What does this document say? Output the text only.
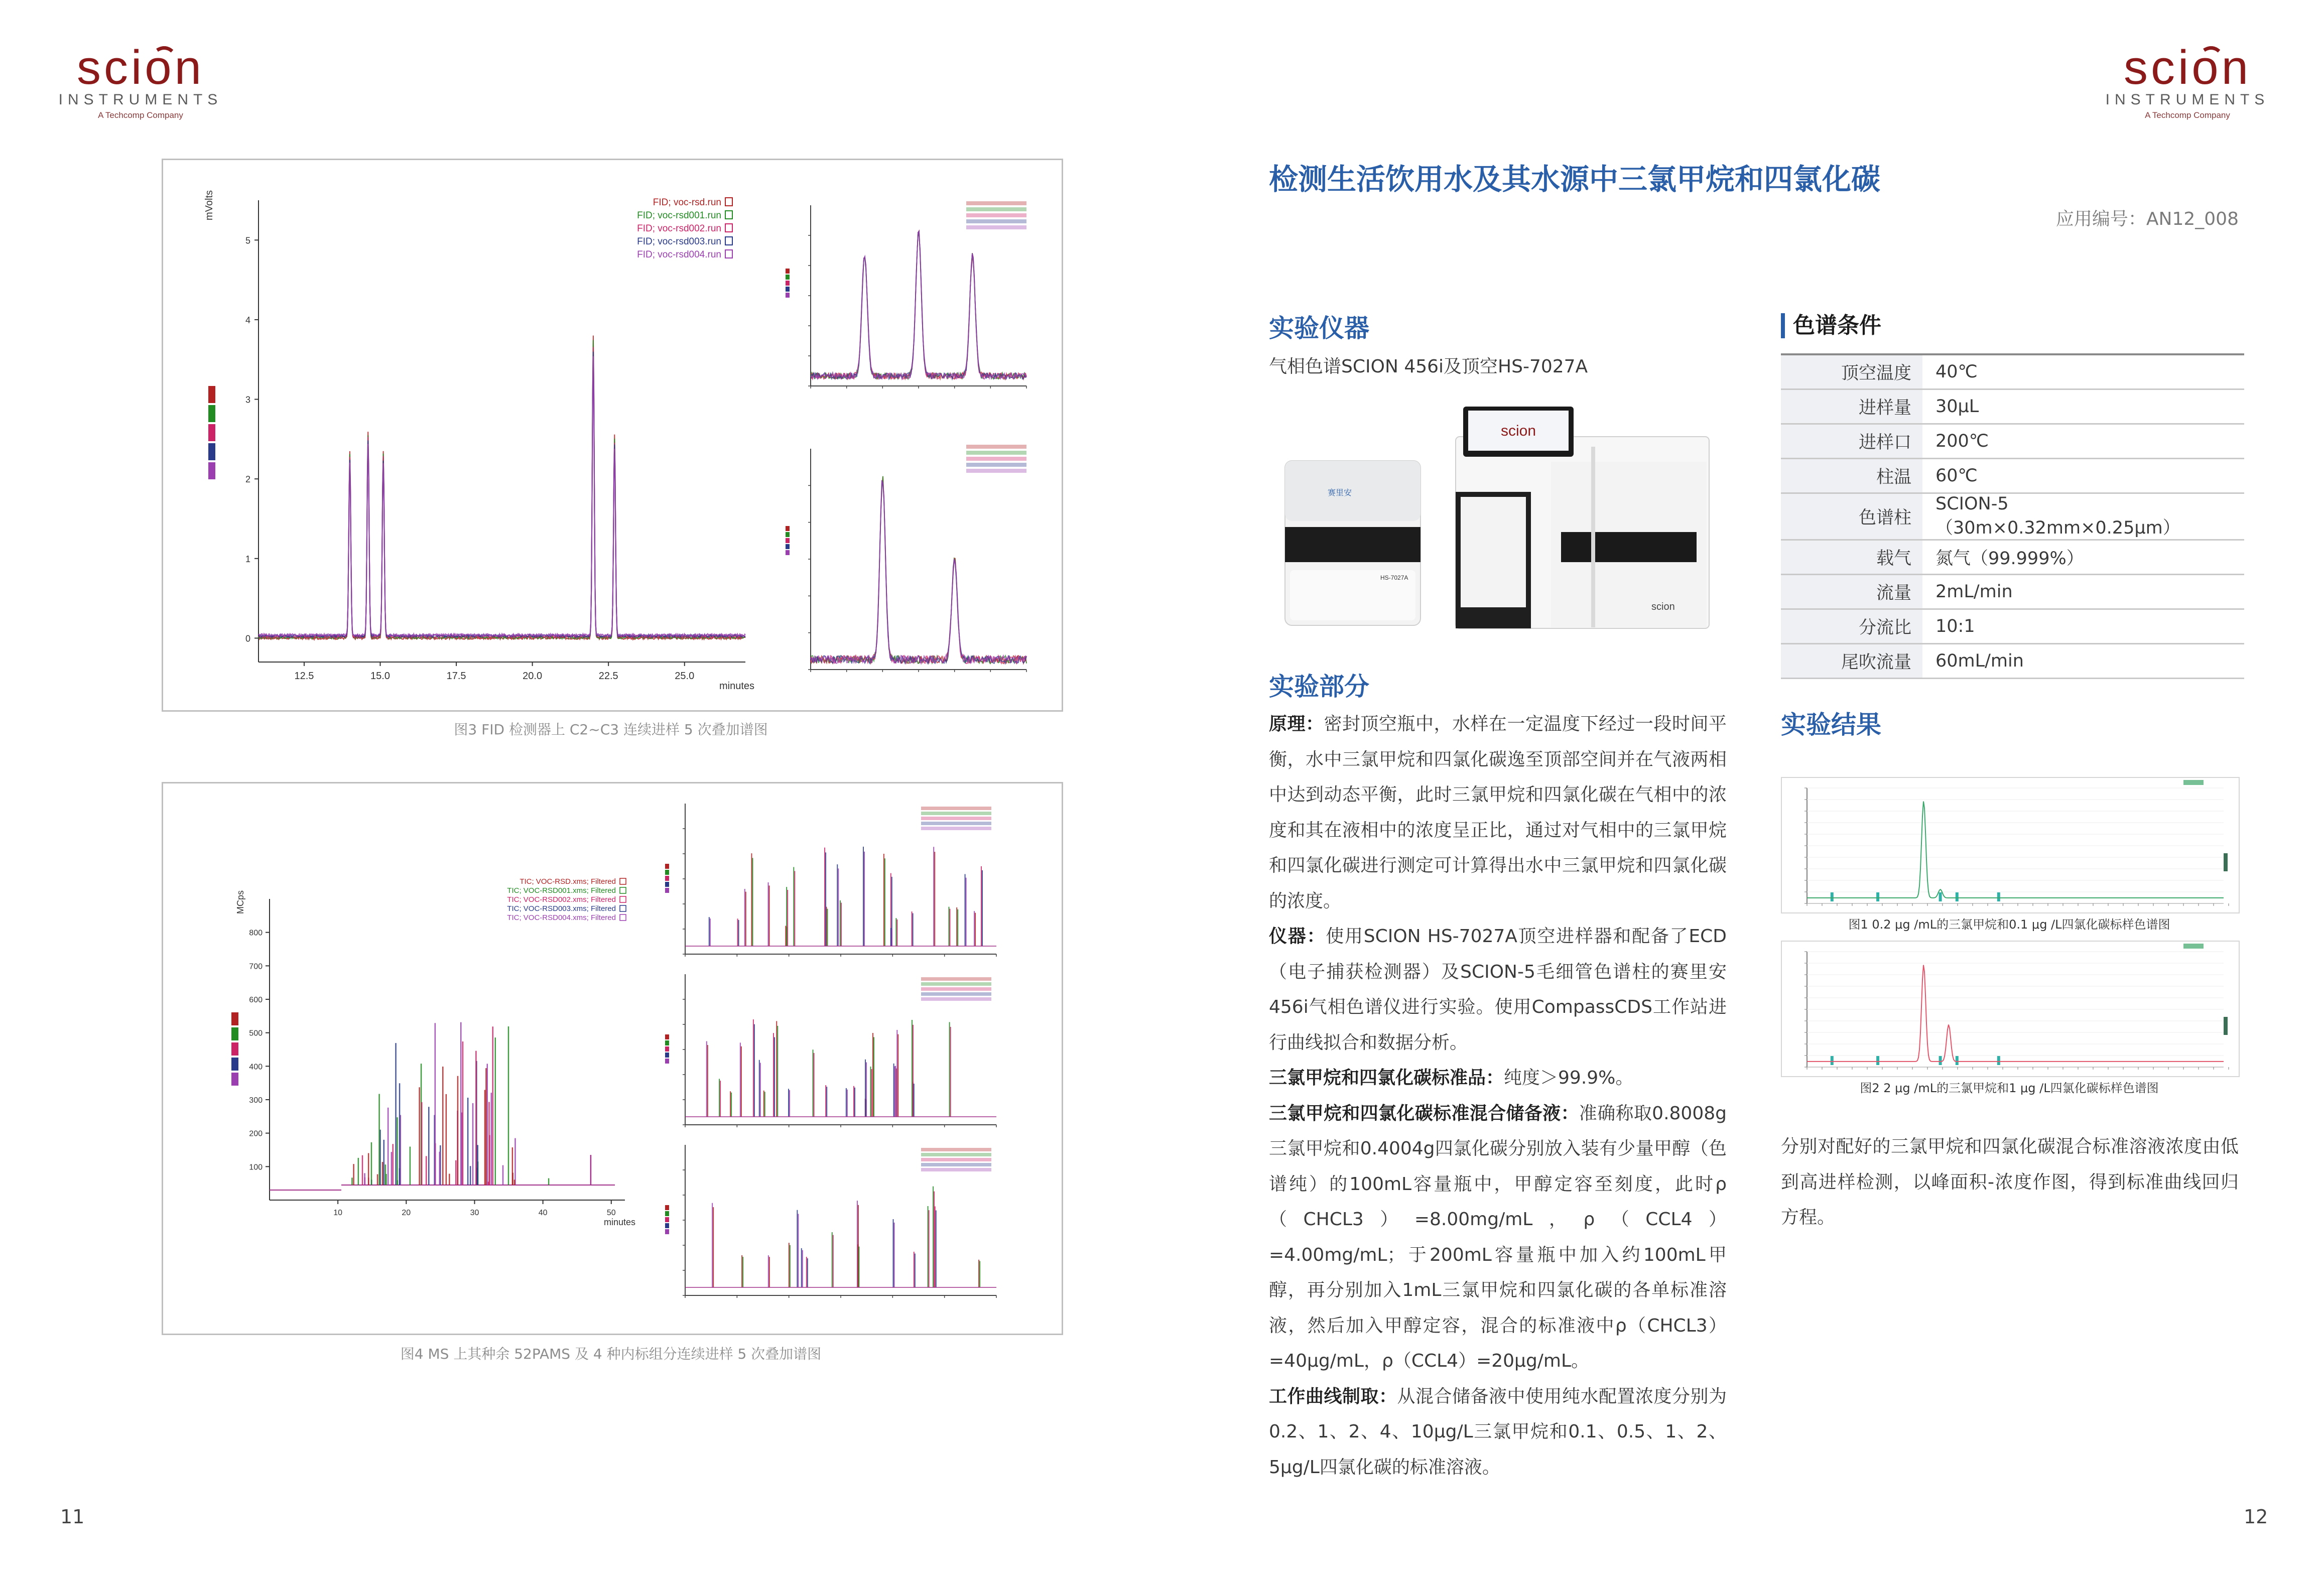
scion
INSTRUMENTS
A Techcomp Company
mVolts
minutes
0
1
2
3
4
5
12.5	15.0	17.5	20.0	22.5	25.0
FID; voc-rsd.run
FID; voc-rsd001.run
FID; voc-rsd002.run
FID; voc-rsd003.run
FID; voc-rsd004.run
图3 FID 检测器上 C2~C3 连续进样 5 次叠加谱图
MCps
minutes
100
200
300
400
500
600
700
800
10	20	30	40	50
TIC; VOC-RSD.xms; Filtered
TIC; VOC-RSD001.xms; Filtered
TIC; VOC-RSD002.xms; Filtered
TIC; VOC-RSD003.xms; Filtered
TIC; VOC-RSD004.xms; Filtered
图4 MS 上其种余 52PAMS 及 4 种内标组分连续进样 5 次叠加谱图
11
scion
INSTRUMENTS
A Techcomp Company
检测生活饮用水及其水源中三氯甲烷和四氯化碳
应用编号：AN12_008
实验仪器
气相色谱SCION 456i及顶空HS-7027A
赛里安
HS-7027A
scion
scion
实验部分
原理：密封顶空瓶中，水样在一定温度下经过一段时间平衡，水中三氯甲烷和四氯化碳逸至顶部空间并在气液两相中达到动态平衡，此时三氯甲烷和四氯化碳在气相中的浓度和其在液相中的浓度呈正比，通过对气相中的三氯甲烷和四氯化碳进行测定可计算得出水中三氯甲烷和四氯化碳的浓度。
仪器：使用SCION HS-7027A顶空进样器和配备了ECD（电子捕获检测器）及SCION-5毛细管色谱柱的赛里安456i气相色谱仪进行实验。使用CompassCDS工作站进行曲线拟合和数据分析。
三氯甲烷和四氯化碳标准品：纯度＞99.9%。
三氯甲烷和四氯化碳标准混合储备液：准确称取0.8008g三氯甲烷和0.4004g四氯化碳分别放入装有少量甲醇（色谱纯）的100mL容量瓶中，甲醇定容至刻度，此时ρ（CHCL3）=8.00mg/mL，ρ（CCL4）=4.00mg/mL；于200mL容量瓶中加入约100mL甲醇，再分别加入1mL三氯甲烷和四氯化碳的各单标准溶液，然后加入甲醇定容，混合的标准液中ρ（CHCL3）=40μg/mL，ρ（CCL4）=20μg/mL。
工作曲线制取：从混合储备液中使用纯水配置浓度分别为0.2、1、2、4、10μg/L三氯甲烷和0.1、0.5、1、2、5μg/L四氯化碳的标准溶液。
色谱条件
顶空温度	40℃
进样量	30μL
进样口	200℃
柱温	60℃
色谱柱	SCION-5（30m×0.32mm×0.25μm）
载气	氮气（99.999%）
流量	2mL/min
分流比	10:1
尾吹流量	60mL/min
实验结果
图1 0.2 μg /mL的三氯甲烷和0.1 μg /L四氯化碳标样色谱图
图2 2 μg /mL的三氯甲烷和1 μg /L四氯化碳标样色谱图
分别对配好的三氯甲烷和四氯化碳混合标准溶液浓度由低到高进样检测，以峰面积-浓度作图，得到标准曲线回归方程。
12
